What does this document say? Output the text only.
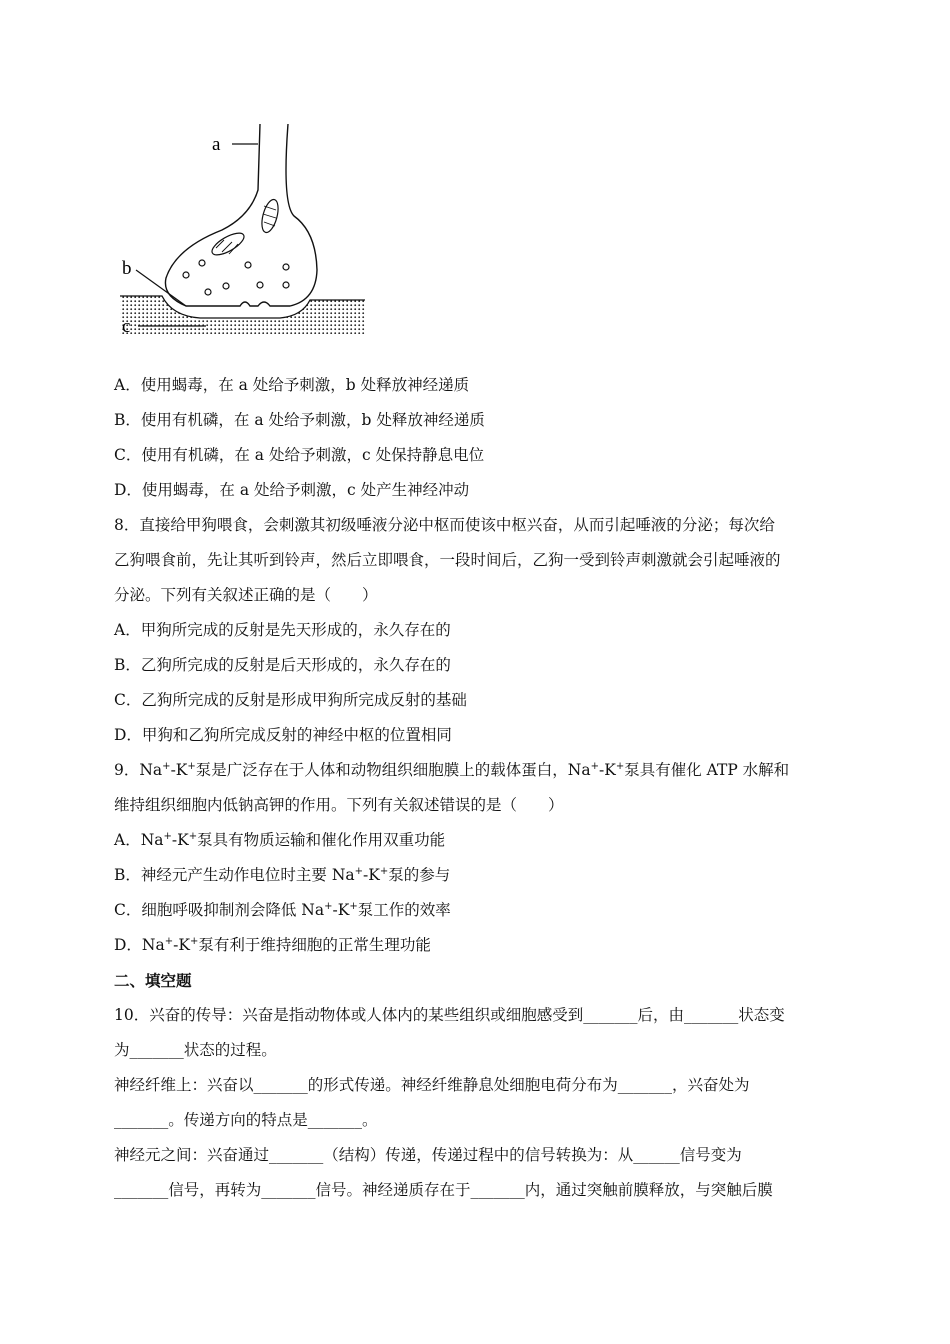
a
b
c
A．使用蝎毒，在 a 处给予刺激，b 处释放神经递质
B．使用有机磷，在 a 处给予刺激，b 处释放神经递质
C．使用有机磷，在 a 处给予刺激，c 处保持静息电位
D．使用蝎毒，在 a 处给予刺激，c 处产生神经冲动
8．直接给甲狗喂食，会刺激其初级唾液分泌中枢而使该中枢兴奋，从而引起唾液的分泌；每次给
乙狗喂食前，先让其听到铃声，然后立即喂食，一段时间后，乙狗一受到铃声刺激就会引起唾液的
分泌。下列有关叙述正确的是（　　）
A．甲狗所完成的反射是先天形成的，永久存在的
B．乙狗所完成的反射是后天形成的，永久存在的
C．乙狗所完成的反射是形成甲狗所完成反射的基础
D．甲狗和乙狗所完成反射的神经中枢的位置相同
9．Na+-K+泵是广泛存在于人体和动物组织细胞膜上的载体蛋白，Na+-K+泵具有催化 ATP 水解和
维持组织细胞内低钠高钾的作用。下列有关叙述错误的是（　　）
A．Na+-K+泵具有物质运输和催化作用双重功能
B．神经元产生动作电位时主要 Na+-K+泵的参与
C．细胞呼吸抑制剂会降低 Na+-K+泵工作的效率
D．Na+-K+泵有利于维持细胞的正常生理功能
二、填空题
10．兴奋的传导：兴奋是指动物体或人体内的某些组织或细胞感受到_______后，由_______状态变
为_______状态的过程。
神经纤维上：兴奋以_______的形式传递。神经纤维静息处细胞电荷分布为_______，兴奋处为
_______。传递方向的特点是_______。
神经元之间：兴奋通过_______（结构）传递，传递过程中的信号转换为：从______信号变为
_______信号，再转为_______信号。神经递质存在于_______内，通过突触前膜释放，与突触后膜
